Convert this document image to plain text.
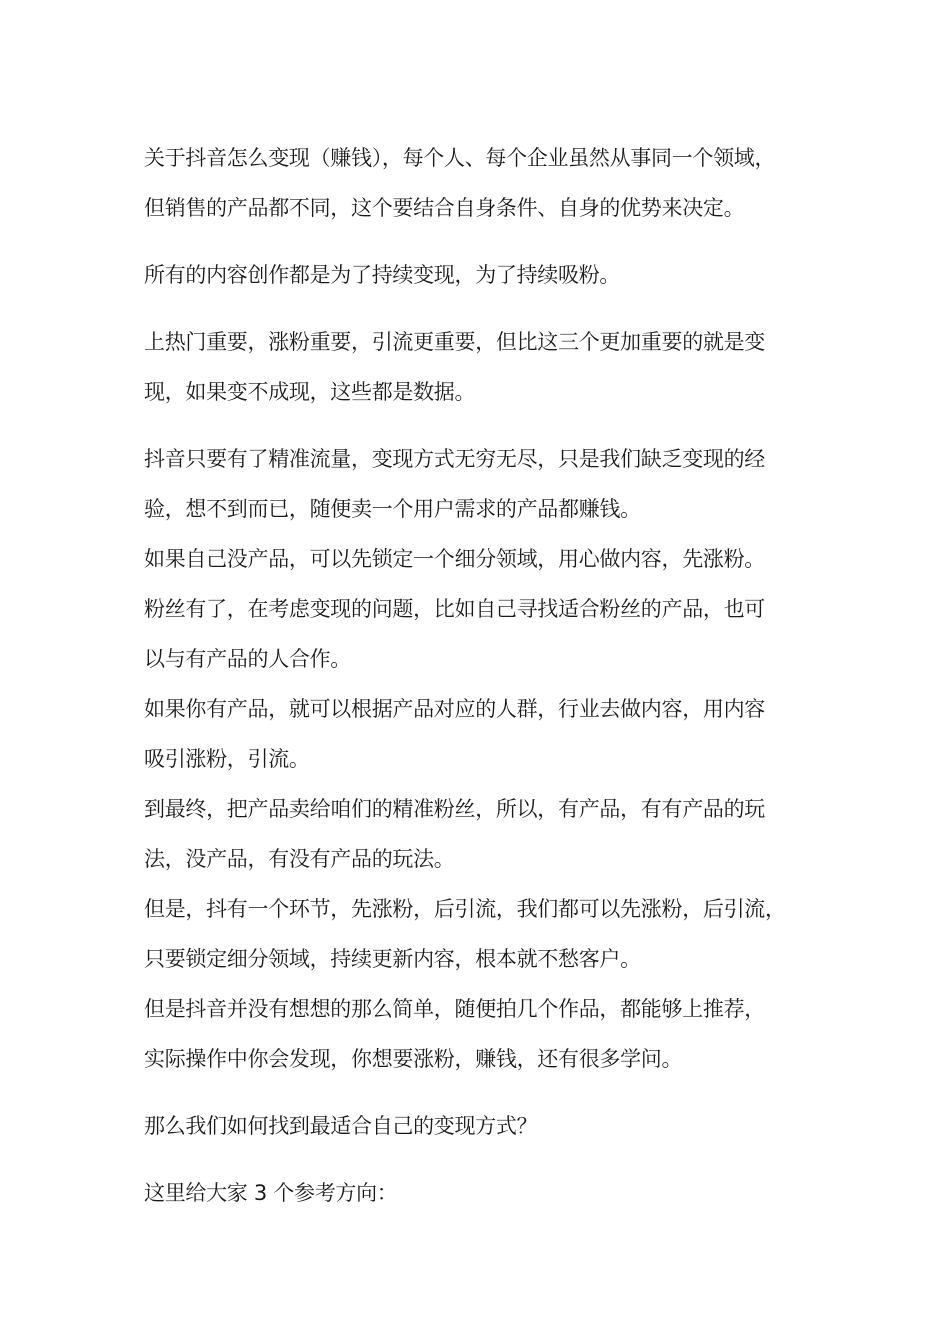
关于抖音怎么变现（赚钱），每个人、每个企业虽然从事同一个领域，
但销售的产品都不同，这个要结合自身条件、自身的优势来决定。

所有的内容创作都是为了持续变现，为了持续吸粉。

上热门重要，涨粉重要，引流更重要，但比这三个更加重要的就是变
现，如果变不成现，这些都是数据。

抖音只要有了精准流量，变现方式无穷无尽，只是我们缺乏变现的经
验，想不到而已，随便卖一个用户需求的产品都赚钱。

如果自己没产品，可以先锁定一个细分领域，用心做内容，先涨粉。

粉丝有了，在考虑变现的问题，比如自己寻找适合粉丝的产品，也可
以与有产品的人合作。

如果你有产品，就可以根据产品对应的人群，行业去做内容，用内容
吸引涨粉，引流。

到最终，把产品卖给咱们的精准粉丝，所以，有产品，有有产品的玩
法，没产品，有没有产品的玩法。

但是，抖有一个环节，先涨粉，后引流，我们都可以先涨粉，后引流，
只要锁定细分领域，持续更新内容，根本就不愁客户。

但是抖音并没有想想的那么简单，随便拍几个作品，都能够上推荐，
实际操作中你会发现，你想要涨粉，赚钱，还有很多学问。

那么我们如何找到最适合自己的变现方式？

这里给大家 3 个参考方向：
